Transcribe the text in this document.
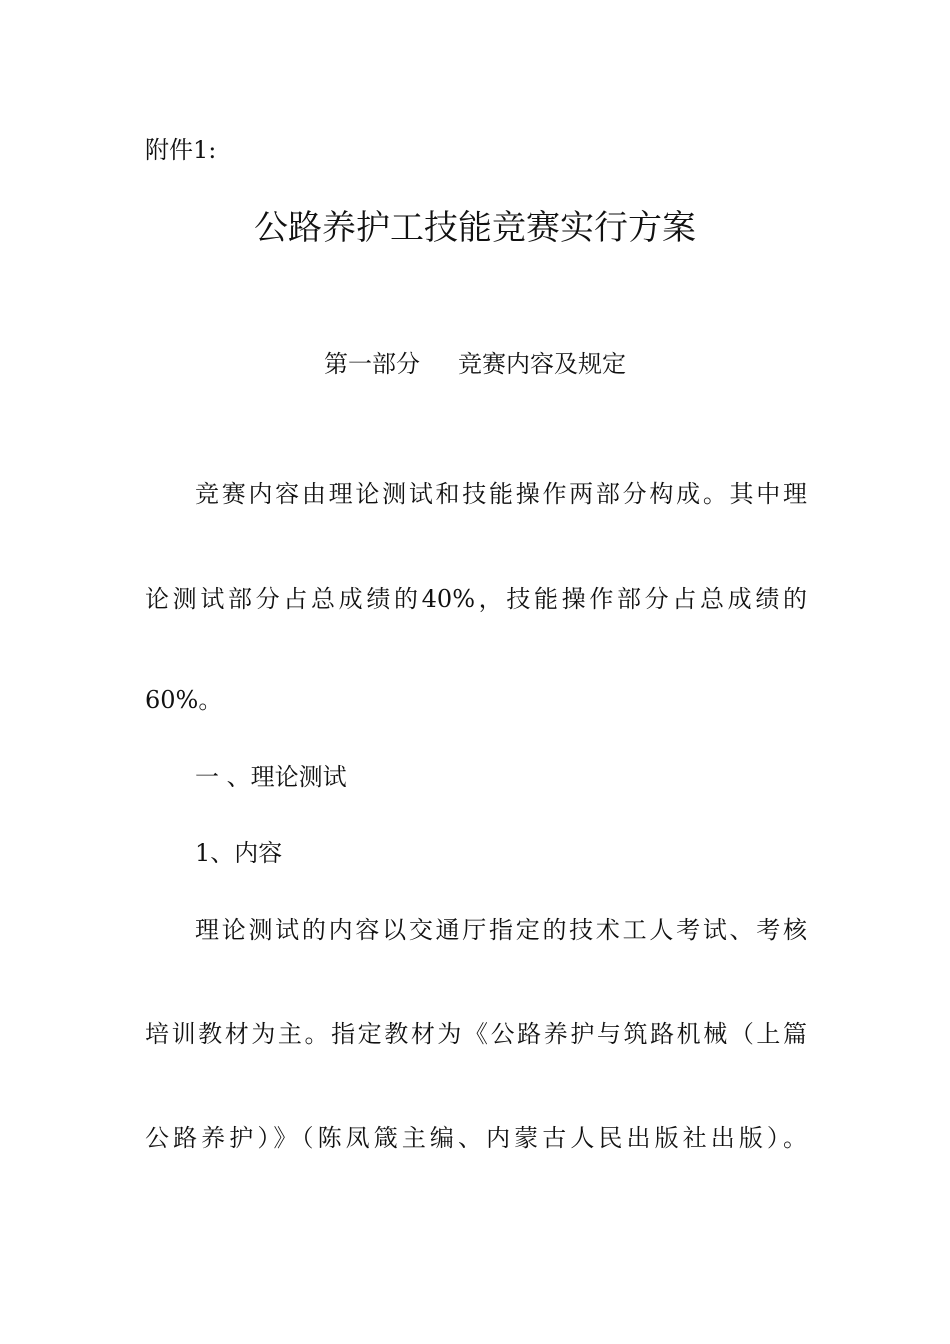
附件1:
公路养护工技能竞赛实行方案
第一部分 竞赛内容及规定
竞赛内容由理论测试和技能操作两部分构成。其中理
论测试部分占总成绩的40%，技能操作部分占总成绩的
60%。
一 、理论测试
1、内容
理论测试的内容以交通厅指定的技术工人考试、考核
培训教材为主。指定教材为《公路养护与筑路机械（上篇
公路养护）》（陈凤箴主编、内蒙古人民出版社出版）。
